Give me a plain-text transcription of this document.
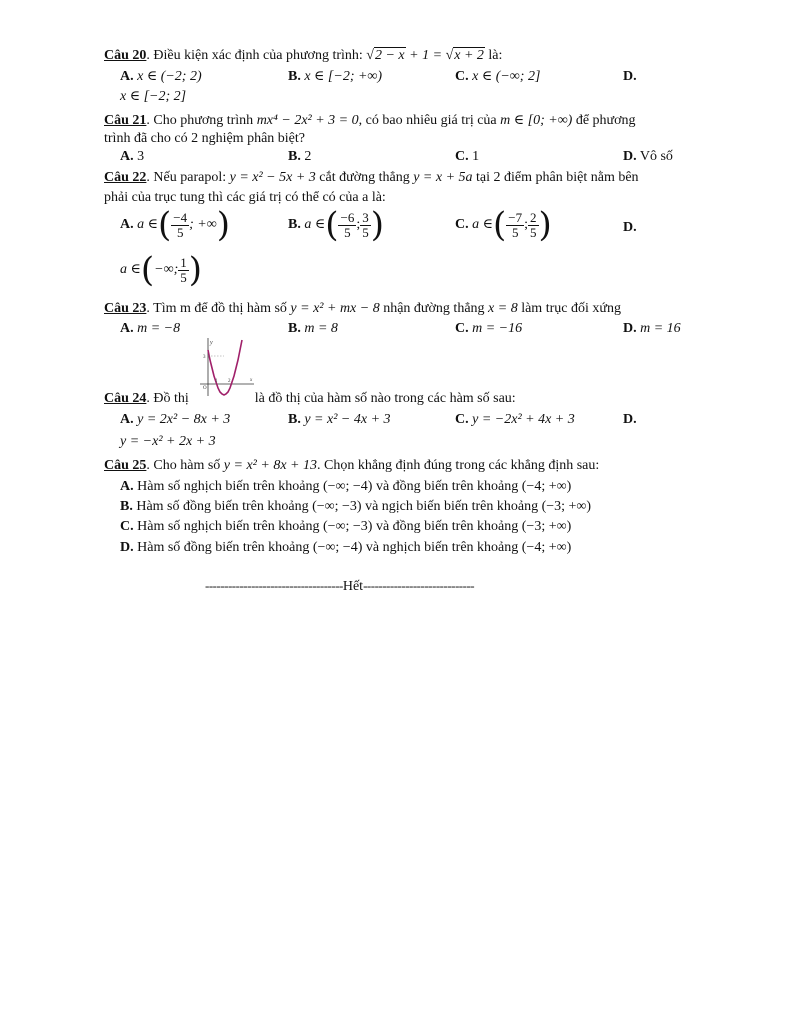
Câu 20. Điều kiện xác định của phương trình: √2 − x + 1 = √x + 2 là:
A. x ∈ (−2; 2)	B. x ∈ [−2; +∞)	C. x ∈ (−∞; 2]	D.
x ∈ [−2; 2]
Câu 21. Cho phương trình mx⁴ − 2x² + 3 = 0, có bao nhiêu giá trị của m ∈ [0; +∞) để phương
trình đã cho có 2 nghiệm phân biệt?
A. 3	B. 2	C. 1	D. Vô số
Câu 22. Nếu parapol: y = x² − 5x + 3 cắt đường thẳng y = x + 5a tại 2 điểm phân biệt nằm bên
phải của trục tung thì các giá trị có thể có của a là:
A. a ∈( $\frac{-4}{5}$ ; +∞)	B. a ∈( $\frac{-6}{5}$ ; $\frac{3}{5}$ )	C. a ∈( $\frac{-7}{5}$ ; $\frac{2}{5}$ )	D.
a ∈(−∞; $\frac{1}{5}$ )
Câu 23. Tìm m để đồ thị hàm số y = x² + mx − 8 nhận đường thẳng x = 8 làm trục đối xứng
A. m = −8	B. m = 8	C. m = −16	D. m = 16
y
O
3
1 2	x
Câu 24. Đồ thị	là đồ thị của hàm số nào trong các hàm số sau:
A. y = 2x² − 8x + 3	B. y = x² − 4x + 3	C. y = −2x² + 4x + 3	D.
y = −x² + 2x + 3
Câu 25. Cho hàm số y = x² + 8x + 13. Chọn khẳng định đúng trong các khẳng định sau:
A. Hàm số nghịch biến trên khoảng (−∞; −4) và đồng biến trên khoảng (−4; +∞)
B. Hàm số đồng biến trên khoảng (−∞; −3) và ngịch biến biến trên khoảng (−3; +∞)
C. Hàm số nghịch biến trên khoảng (−∞; −3) và đồng biến trên khoảng (−3; +∞)
D. Hàm số đồng biến trên khoảng (−∞; −4) và nghịch biến trên khoảng (−4; +∞)
------------------------------------Hết-----------------------------
